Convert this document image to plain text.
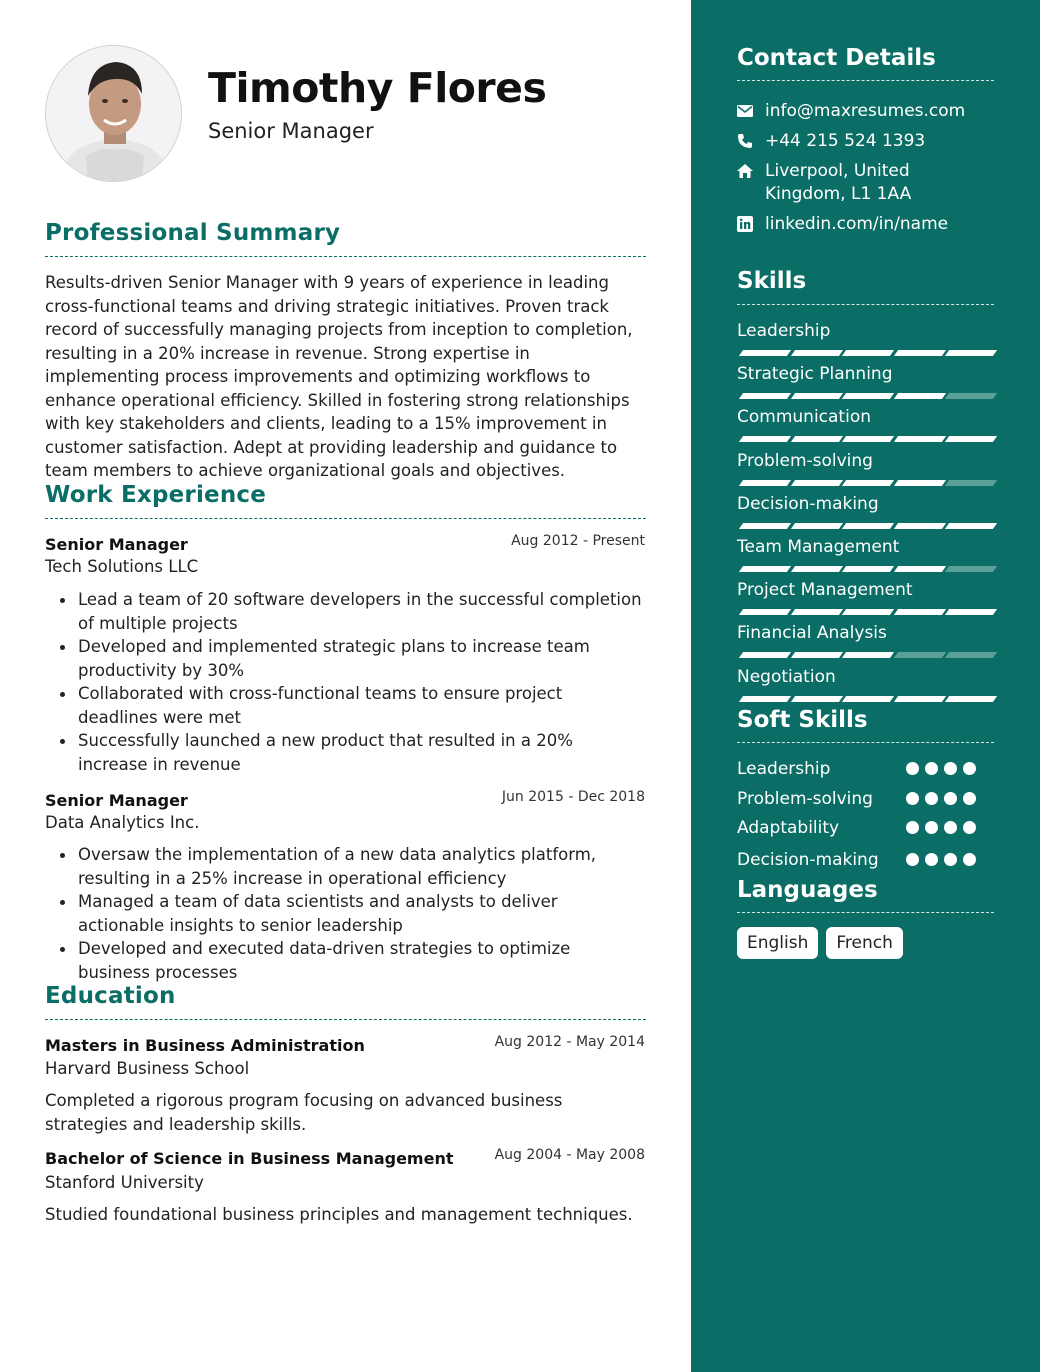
Timothy Flores
Senior Manager
Professional Summary
Results-driven Senior Manager with 9 years of experience in leading cross-functional teams and driving strategic initiatives. Proven track record of successfully managing projects from inception to completion, resulting in a 20% increase in revenue. Strong expertise in implementing process improvements and optimizing workflows to enhance operational efficiency. Skilled in fostering strong relationships with key stakeholders and clients, leading to a 15% improvement in customer satisfaction. Adept at providing leadership and guidance to team members to achieve organizational goals and objectives.
Work Experience
Senior Manager	Aug 2012 - Present
Tech Solutions LLC
Lead a team of 20 software developers in the successful completion of multiple projects
Developed and implemented strategic plans to increase team productivity by 30%
Collaborated with cross-functional teams to ensure project deadlines were met
Successfully launched a new product that resulted in a 20% increase in revenue
Senior Manager	Jun 2015 - Dec 2018
Data Analytics Inc.
Oversaw the implementation of a new data analytics platform, resulting in a 25% increase in operational efficiency
Managed a team of data scientists and analysts to deliver actionable insights to senior leadership
Developed and executed data-driven strategies to optimize business processes
Education
Masters in Business Administration	Aug 2012 - May 2014
Harvard Business School
Completed a rigorous program focusing on advanced business strategies and leadership skills.
Bachelor of Science in Business Management	Aug 2004 - May 2008
Stanford University
Studied foundational business principles and management techniques.
Contact Details
info@maxresumes.com
+44 215 524 1393
Liverpool, United Kingdom, L1 1AA
linkedin.com/in/name
Skills
Leadership
Strategic Planning
Communication
Problem-solving
Decision-making
Team Management
Project Management
Financial Analysis
Negotiation
Soft Skills
Leadership
Problem-solving
Adaptability
Decision-making
Languages
English	French
